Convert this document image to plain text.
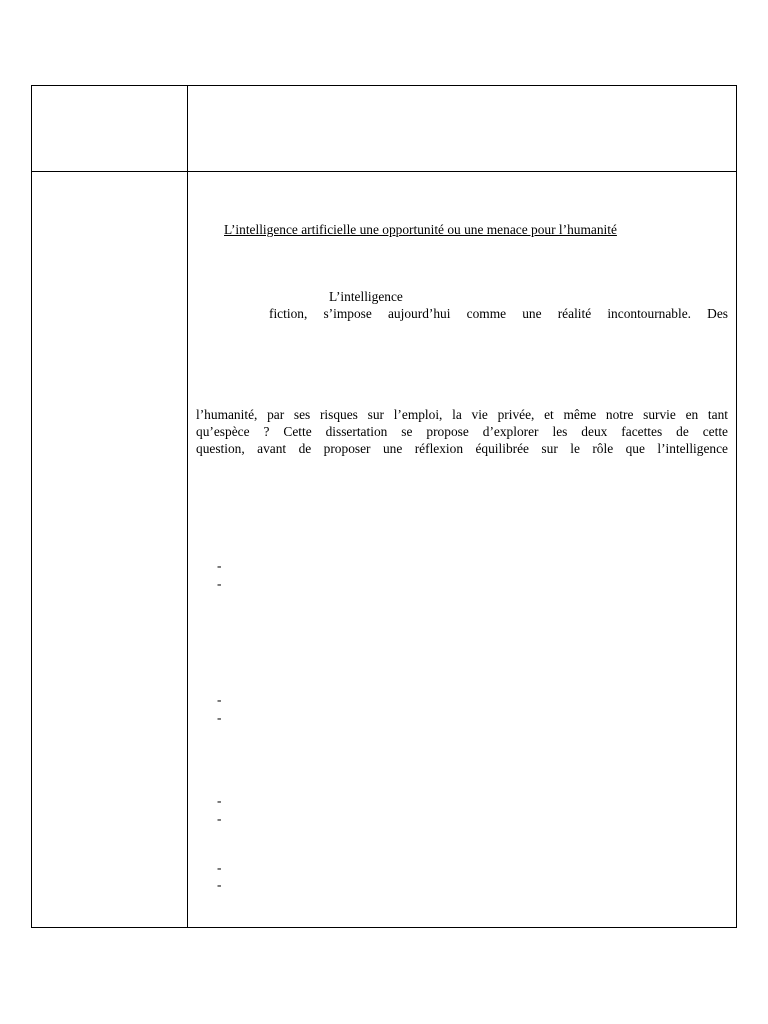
L’intelligence artificielle une opportunité ou une menace pour l’humanité
L’intelligence
fiction, s’impose aujourd’hui comme une réalité incontournable. Des
l’humanité, par ses risques sur l’emploi, la vie privée, et même notre survie en tant
qu’espèce ? Cette dissertation se propose d’explorer les deux facettes de cette
question, avant de proposer une réflexion équilibrée sur le rôle que l’intelligence
-
-
-
-
-
-
-
-
